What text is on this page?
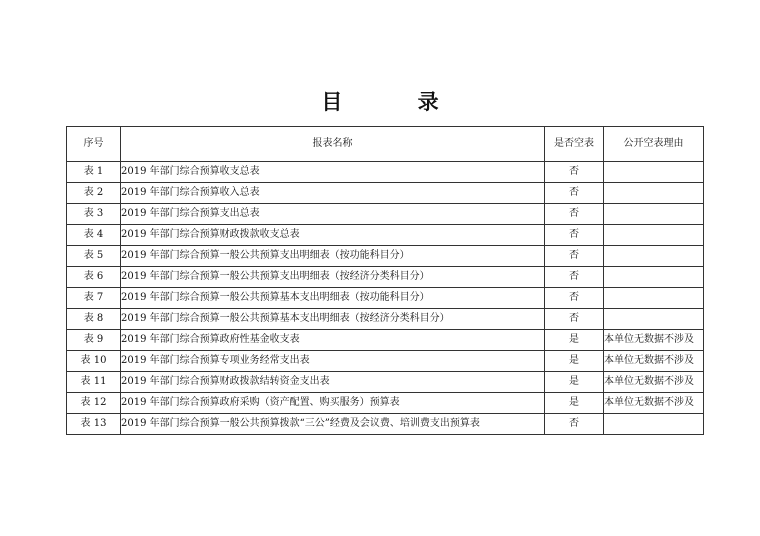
目 录
序号	报表名称	是否空表	公开空表理由
表 1	2019 年部门综合预算收支总表	否	
表 2	2019 年部门综合预算收入总表	否	
表 3	2019 年部门综合预算支出总表	否	
表 4	2019 年部门综合预算财政拨款收支总表	否	
表 5	2019 年部门综合预算一般公共预算支出明细表（按功能科目分）	否	
表 6	2019 年部门综合预算一般公共预算支出明细表（按经济分类科目分）	否	
表 7	2019 年部门综合预算一般公共预算基本支出明细表（按功能科目分）	否	
表 8	2019 年部门综合预算一般公共预算基本支出明细表（按经济分类科目分）	否	
表 9	2019 年部门综合预算政府性基金收支表	是	本单位无数据不涉及
表 10	2019 年部门综合预算专项业务经常支出表	是	本单位无数据不涉及
表 11	2019 年部门综合预算财政拨款结转资金支出表	是	本单位无数据不涉及
表 12	2019 年部门综合预算政府采购（资产配置、购买服务）预算表	是	本单位无数据不涉及
表 13	2019 年部门综合预算一般公共预算拨款“三公”经费及会议费、培训费支出预算表	否	
